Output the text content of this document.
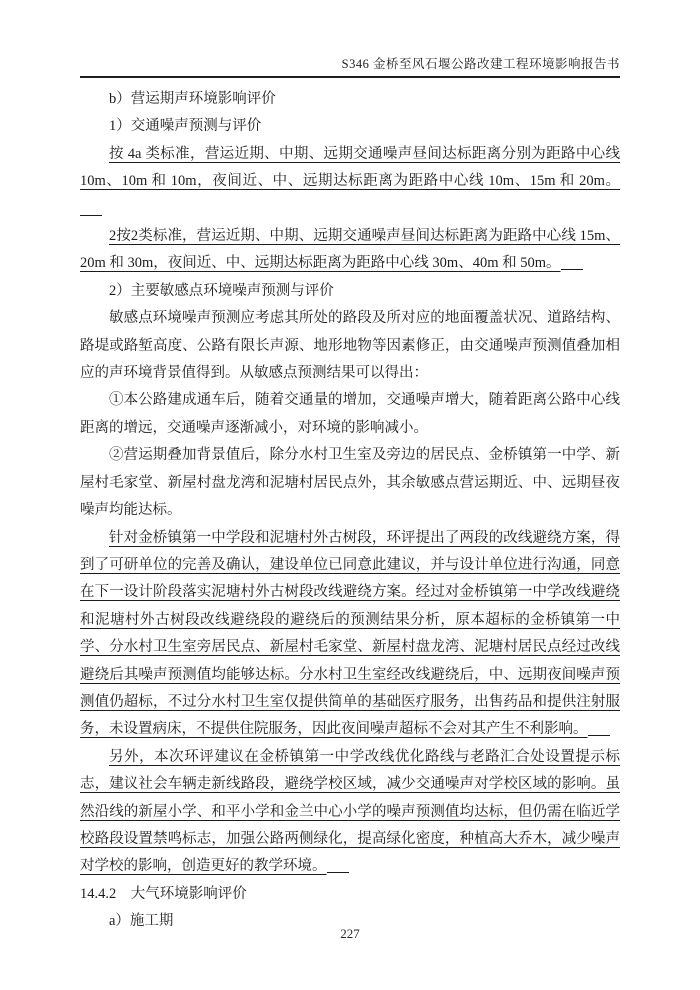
S346 金桥至风石堰公路改建工程环境影响报告书

b）营运期声环境影响评价

1）交通噪声预测与评价

按 4a 类标准，营运近期、中期、远期交通噪声昼间达标距离分别为距路中心线 10m、10m 和 10m，夜间近、中、远期达标距离为距路中心线 10m、15m 和 20m。

2按2类标准，营运近期、中期、远期交通噪声昼间达标距离为距路中心线 15m、20m 和 30m，夜间近、中、远期达标距离为距路中心线 30m、40m 和 50m。

2）主要敏感点环境噪声预测与评价

敏感点环境噪声预测应考虑其所处的路段及所对应的地面覆盖状况、道路结构、路堤或路堑高度、公路有限长声源、地形地物等因素修正，由交通噪声预测值叠加相应的声环境背景值得到。从敏感点预测结果可以得出：

①本公路建成通车后，随着交通量的增加，交通噪声增大，随着距离公路中心线距离的增远，交通噪声逐渐减小，对环境的影响减小。

②营运期叠加背景值后，除分水村卫生室及旁边的居民点、金桥镇第一中学、新屋村毛家堂、新屋村盘龙湾和泥塘村居民点外，其余敏感点营运期近、中、远期昼夜噪声均能达标。

针对金桥镇第一中学段和泥塘村外古树段，环评提出了两段的改线避绕方案，得到了可研单位的完善及确认，建设单位已同意此建议，并与设计单位进行沟通，同意在下一设计阶段落实泥塘村外古树段改线避绕方案。经过对金桥镇第一中学改线避绕和泥塘村外古树段改线避绕段的避绕后的预测结果分析，原本超标的金桥镇第一中学、分水村卫生室旁居民点、新屋村毛家堂、新屋村盘龙湾、泥塘村居民点经过改线避绕后其噪声预测值均能够达标。分水村卫生室经改线避绕后，中、远期夜间噪声预测值仍超标，不过分水村卫生室仅提供简单的基础医疗服务，出售药品和提供注射服务，未设置病床，不提供住院服务，因此夜间噪声超标不会对其产生不利影响。

另外，本次环评建议在金桥镇第一中学改线优化路线与老路汇合处设置提示标志，建议社会车辆走新线路段，避绕学校区域，减少交通噪声对学校区域的影响。虽然沿线的新屋小学、和平小学和金兰中心小学的噪声预测值均达标，但仍需在临近学校路段设置禁鸣标志，加强公路两侧绿化，提高绿化密度，种植高大乔木，减少噪声对学校的影响，创造更好的教学环境。

14.4.2　大气环境影响评价

a）施工期

227
